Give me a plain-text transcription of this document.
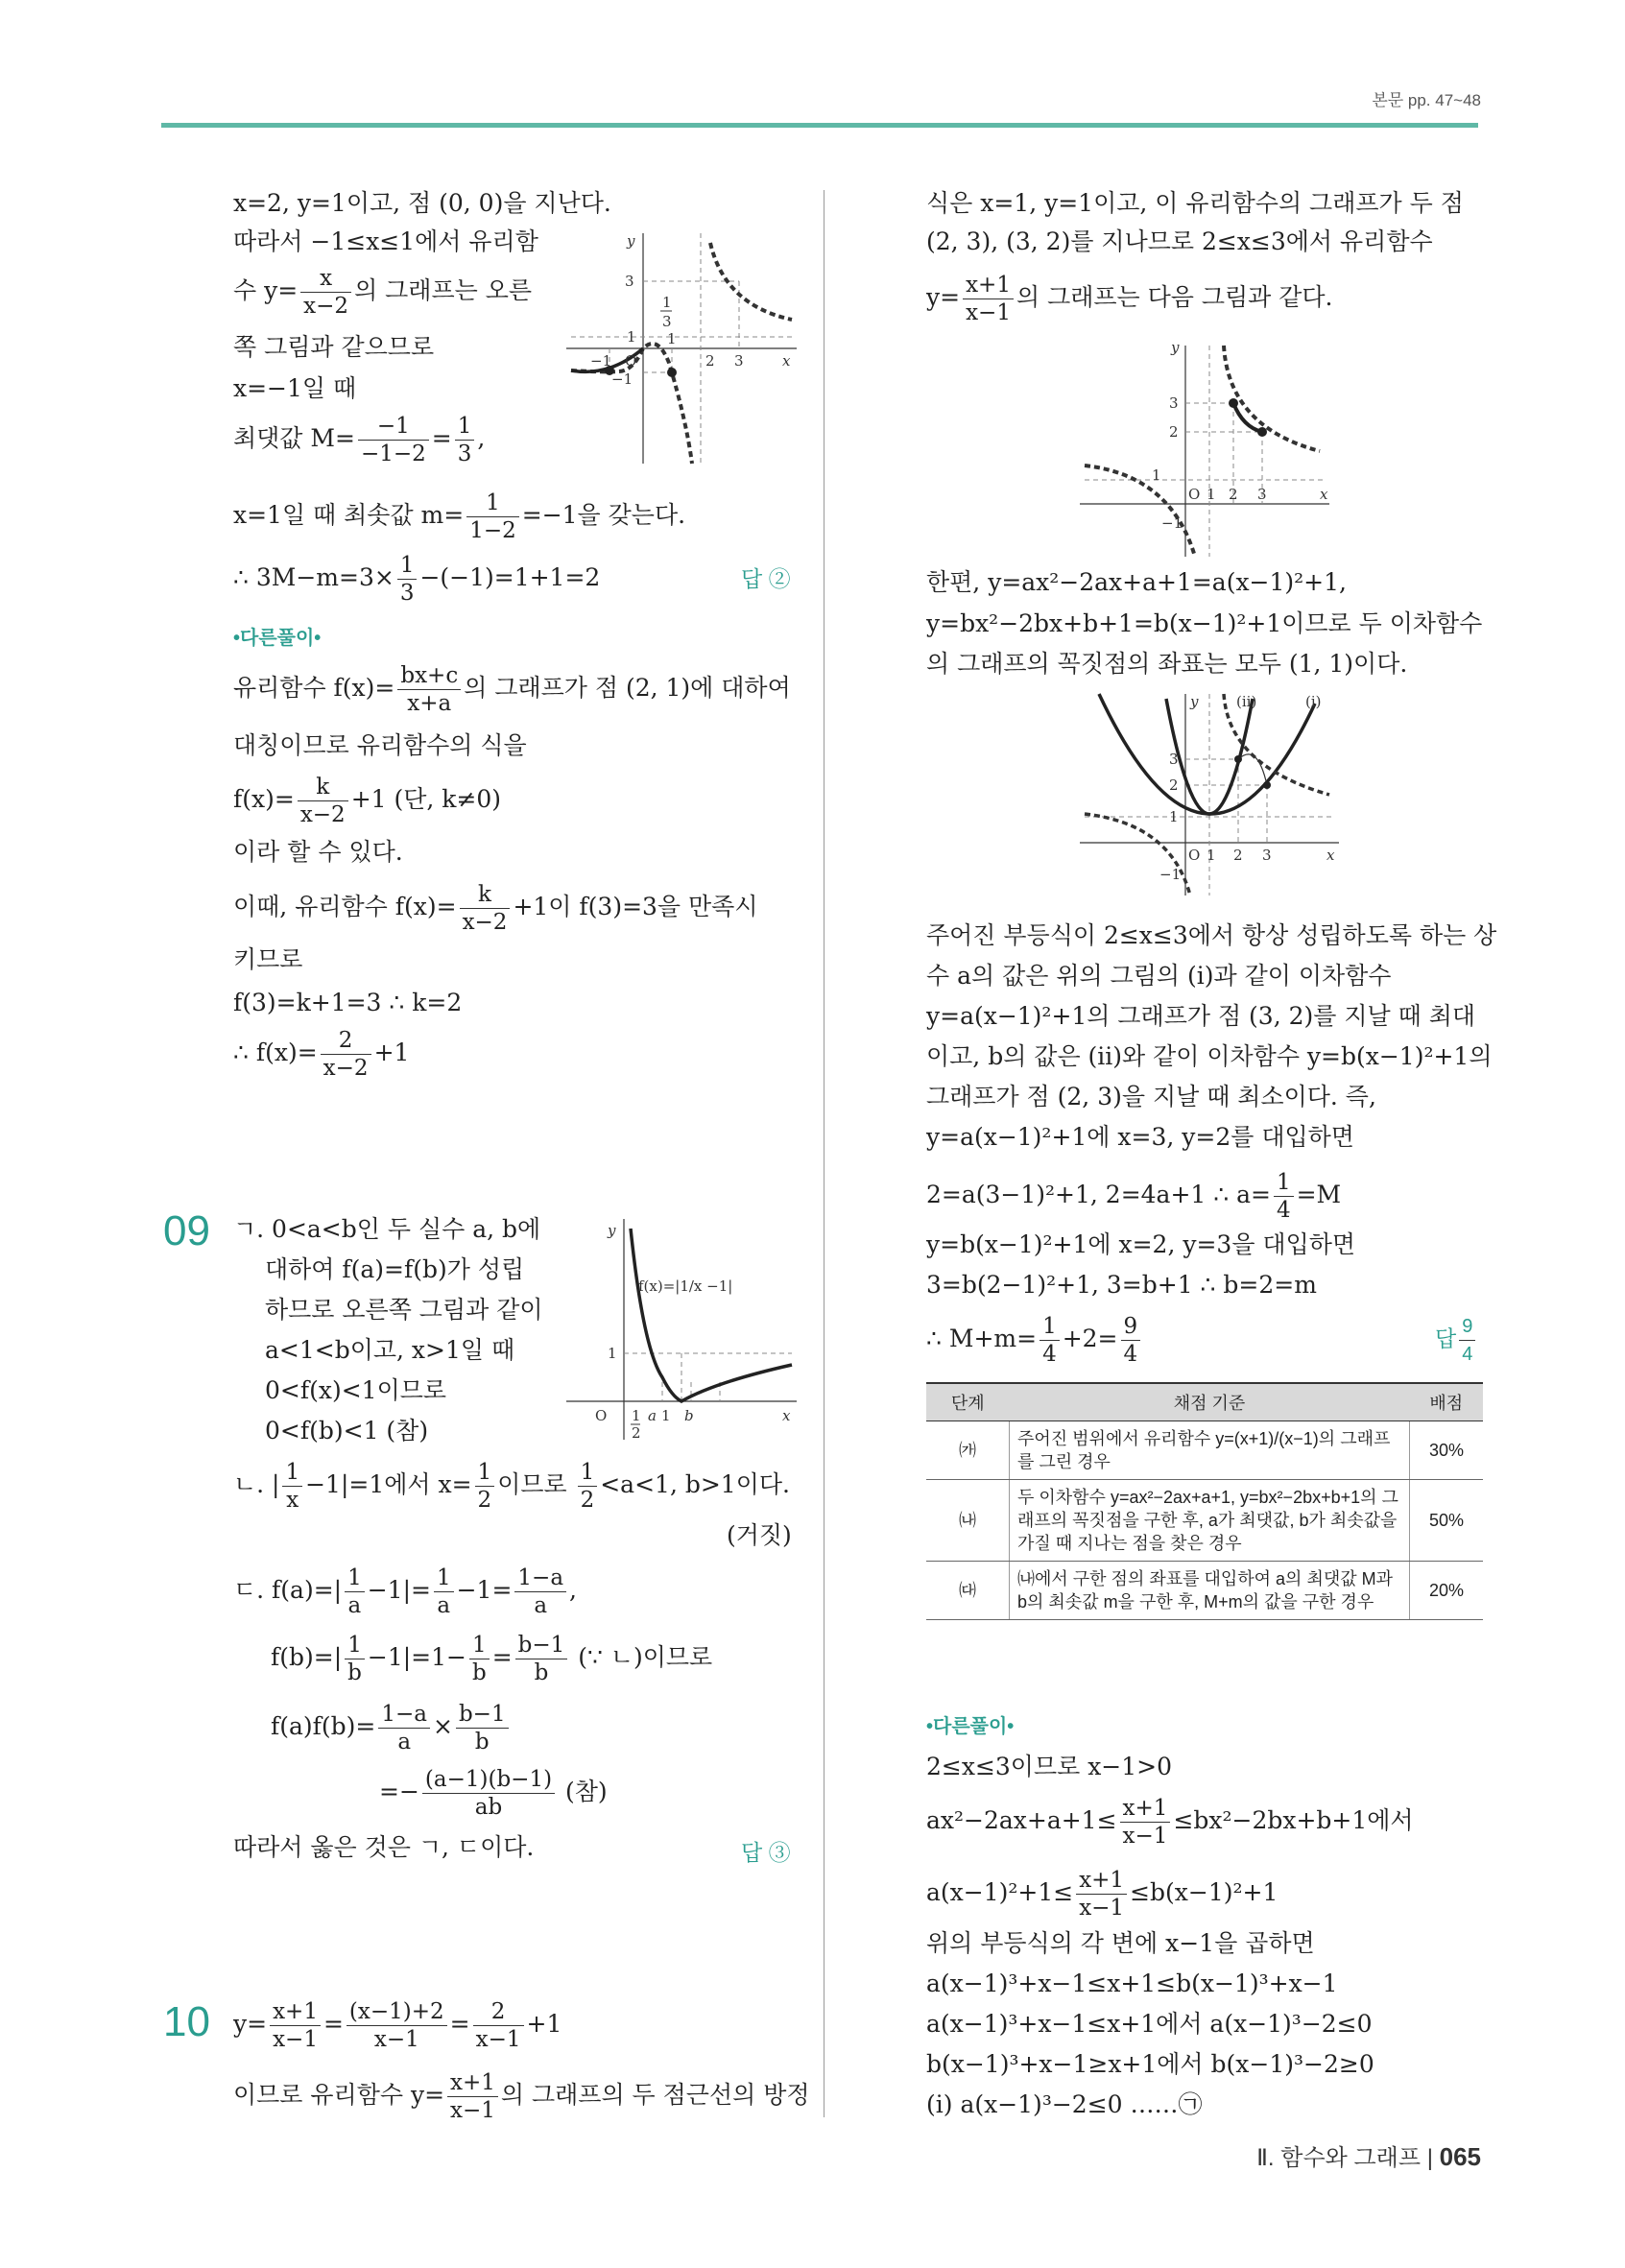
본문 pp. 47~48
x=2, y=1이고, 점 (0, 0)을 지난다.
따라서 −1≤x≤1에서 유리함
수 $y= \frac{x}{x-2}$ 의 그래프는 오른
쪽 그림과 같으므로
x=−1일 때
최댓값 $M= \frac{-1}{-1-2} = \frac{1}{3}$ ,
x=1일 때 최솟값 $m= \frac{1}{1-2} =-1$을 갖는다.
∴ $3M-m=3\times \frac{1}{3} -(-1)=1+1=2$	답 ②
•다른풀이•
유리함수 $f(x)= \frac{bx+c}{x+a}$ 의 그래프가 점 (2, 1)에 대하여
대칭이므로 유리함수의 식을
$f(x)= \frac{k}{x-2} +1$ (단, k≠0)
이라 할 수 있다.
이때, 유리함수 $f(x)= \frac{k}{x-2} +1$이 f(3)=3을 만족시
키므로
f(3)=k+1=3 ∴ k=2
∴ $f(x)= \frac{2}{x-2} +1$
09 ㄱ. 0<a<b인 두 실수 a, b에
대하여 f(a)=f(b)가 성립
하므로 오른쪽 그림과 같이
a<1<b이고, x>1일 때
0<f(x)<1이므로
0<f(b)<1 (참)
ㄴ. | $\frac{1}{x} -1|=1$에서 $x= \frac{1}{2}$ 이므로 $\frac{1}{2} <a<1$, b>1이다.
(거짓)
ㄷ. $f(a)=| \frac{1}{a} -1|= \frac{1}{a} -1= \frac{1-a}{a}$ ,
$f(b)=| \frac{1}{b} -1|=1- \frac{1}{b} = \frac{b-1}{b}$ (∵ ㄴ)이므로
$f(a)f(b)= \frac{1-a}{a} \times \frac{b-1}{b}$
=− $\frac{(a-1)(b-1)}{ab}$ (참)
따라서 옳은 것은 ㄱ, ㄷ이다.	답 ③
10 $y= \frac{x+1}{x-1} = \frac{(x-1)+2}{x-1} = \frac{2}{x-1} +1$
이므로 유리함수 $y= \frac{x+1}{x-1}$ 의 그래프의 두 점근선의 방정
y
3
1
−1 O
1
2 3	x
−1
1
3
y
1
O 1
2
a 1 b	x
f(x)=|1/x −1|
식은 x=1, y=1이고, 이 유리함수의 그래프가 두 점
(2, 3), (3, 2)를 지나므로 2≤x≤3에서 유리함수
$y= \frac{x+1}{x-1}$ 의 그래프는 다음 그림과 같다.
y
3
2
1
O 1 2 3	x
−1
한편, y=ax²−2ax+a+1=a(x−1)²+1,
y=bx²−2bx+b+1=b(x−1)²+1이므로 두 이차함수
의 그래프의 꼭짓점의 좌표는 모두 (1, 1)이다.
y	(ii)	(i)
3
2
1
O 1 2 3	x
−1
주어진 부등식이 2≤x≤3에서 항상 성립하도록 하는 상
수 a의 값은 위의 그림의 (i)과 같이 이차함수
y=a(x−1)²+1의 그래프가 점 (3, 2)를 지날 때 최대
이고, b의 값은 (ii)와 같이 이차함수 y=b(x−1)²+1의
그래프가 점 (2, 3)을 지날 때 최소이다. 즉,
y=a(x−1)²+1에 x=3, y=2를 대입하면
2=a(3−1)²+1, 2=4a+1 ∴ $a= \frac{1}{4} =M$
y=b(x−1)²+1에 x=2, y=3을 대입하면
3=b(2−1)²+1, 3=b+1 ∴ b=2=m
∴ $M+m= \frac{1}{4} +2= \frac{9}{4}$	답 $\frac{9}{4}$
단계	채점 기준	배점
㈎	주어진 범위에서 유리함수 y=(x+1)/(x−1)의 그래프를 그린 경우	30%
㈏	두 이차함수 y=ax²−2ax+a+1, y=bx²−2bx+b+1의 그래프의 꼭짓점을 구한 후, a가 최댓값, b가 최솟값을 가질 때 지나는 점을 찾은 경우	50%
㈐	㈏에서 구한 점의 좌표를 대입하여 a의 최댓값 M과 b의 최솟값 m을 구한 후, M+m의 값을 구한 경우	20%
•다른풀이•
2≤x≤3이므로 x−1>0
$ax^2-2ax+a+1\le \frac{x+1}{x-1} \le bx^2-2bx+b+1$에서
$a(x-1)^2+1\le \frac{x+1}{x-1} \le b(x-1)^2+1$
위의 부등식의 각 변에 x−1을 곱하면
a(x−1)³+x−1≤x+1≤b(x−1)³+x−1
a(x−1)³+x−1≤x+1에서 a(x−1)³−2≤0
b(x−1)³+x−1≥x+1에서 b(x−1)³−2≥0
(i) a(x−1)³−2≤0 ……㉠
Ⅱ. 함수와 그래프 | 065
